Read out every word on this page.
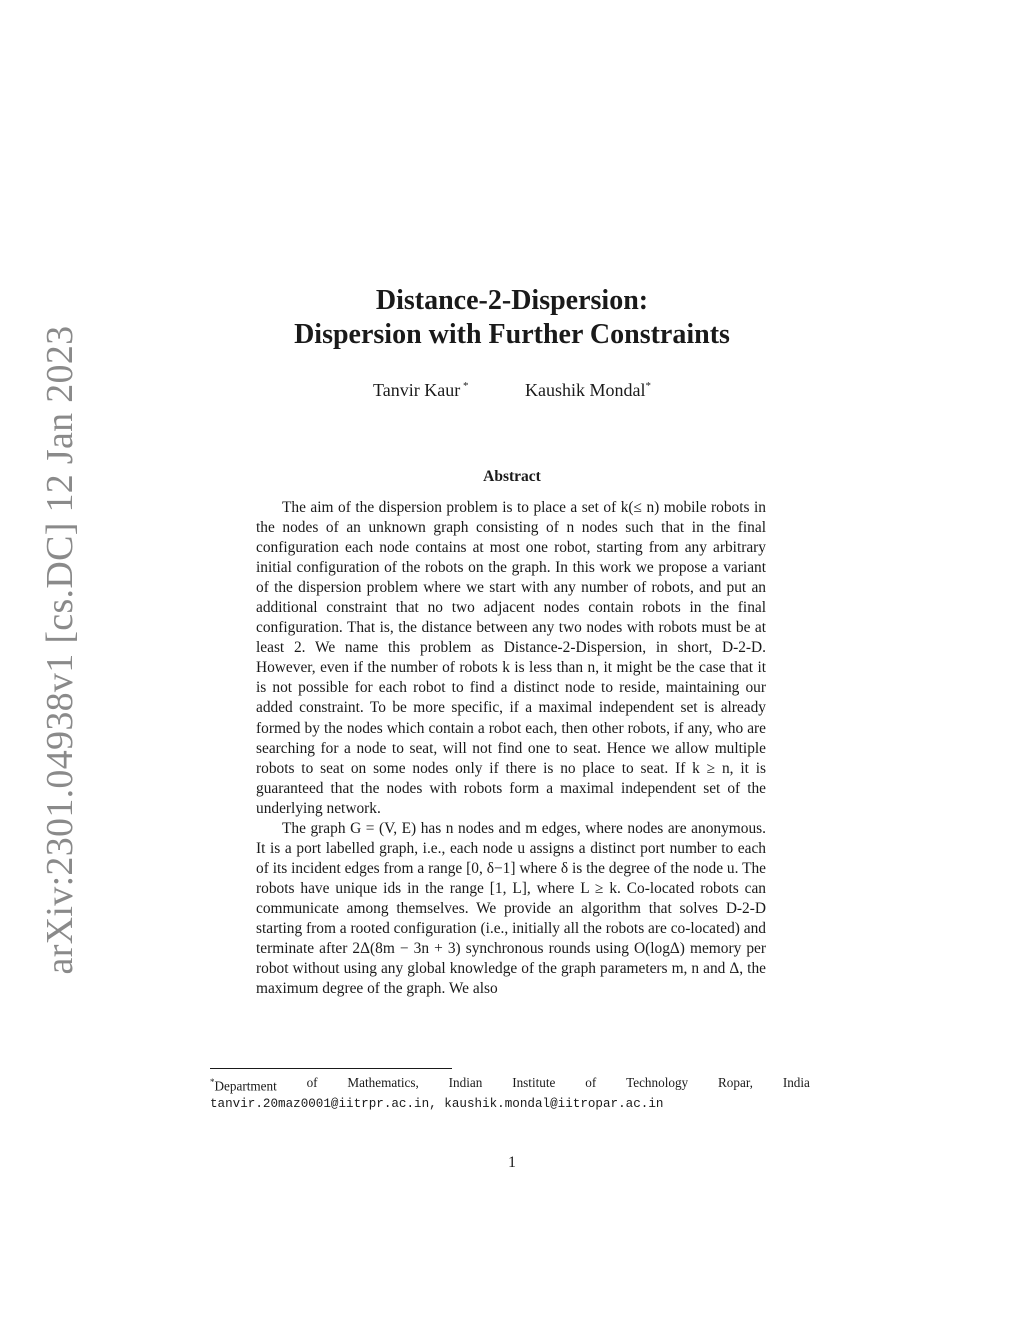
arXiv:2301.04938v1 [cs.DC] 12 Jan 2023
Distance-2-Dispersion:
Dispersion with Further Constraints
Tanvir Kaur *	Kaushik Mondal*
Abstract

The aim of the dispersion problem is to place a set of k(≤ n) mobile robots in the nodes of an unknown graph consisting of n nodes such that in the final configuration each node contains at most one robot, starting from any arbitrary initial configuration of the robots on the graph. In this work we propose a variant of the dispersion problem where we start with any number of robots, and put an additional constraint that no two adjacent nodes contain robots in the final configuration. That is, the distance between any two nodes with robots must be at least 2. We name this problem as Distance-2-Dispersion, in short, D-2-D. However, even if the number of robots k is less than n, it might be the case that it is not possible for each robot to find a distinct node to reside, maintaining our added constraint. To be more specific, if a maximal independent set is already formed by the nodes which contain a robot each, then other robots, if any, who are searching for a node to seat, will not find one to seat. Hence we allow multiple robots to seat on some nodes only if there is no place to seat. If k ≥ n, it is guaranteed that the nodes with robots form a maximal independent set of the underlying network.

The graph G = (V, E) has n nodes and m edges, where nodes are anonymous. It is a port labelled graph, i.e., each node u assigns a distinct port number to each of its incident edges from a range [0, δ−1] where δ is the degree of the node u. The robots have unique ids in the range [1, L], where L ≥ k. Co-located robots can communicate among themselves. We provide an algorithm that solves D-2-D starting from a rooted configuration (i.e., initially all the robots are co-located) and terminate after 2Δ(8m − 3n + 3) synchronous rounds using O(logΔ) memory per robot without using any global knowledge of the graph parameters m, n and Δ, the maximum degree of the graph. We also

*Department of Mathematics, Indian Institute of Technology Ropar, India
tanvir.20maz0001@iitrpr.ac.in, kaushik.mondal@iitropar.ac.in
1
